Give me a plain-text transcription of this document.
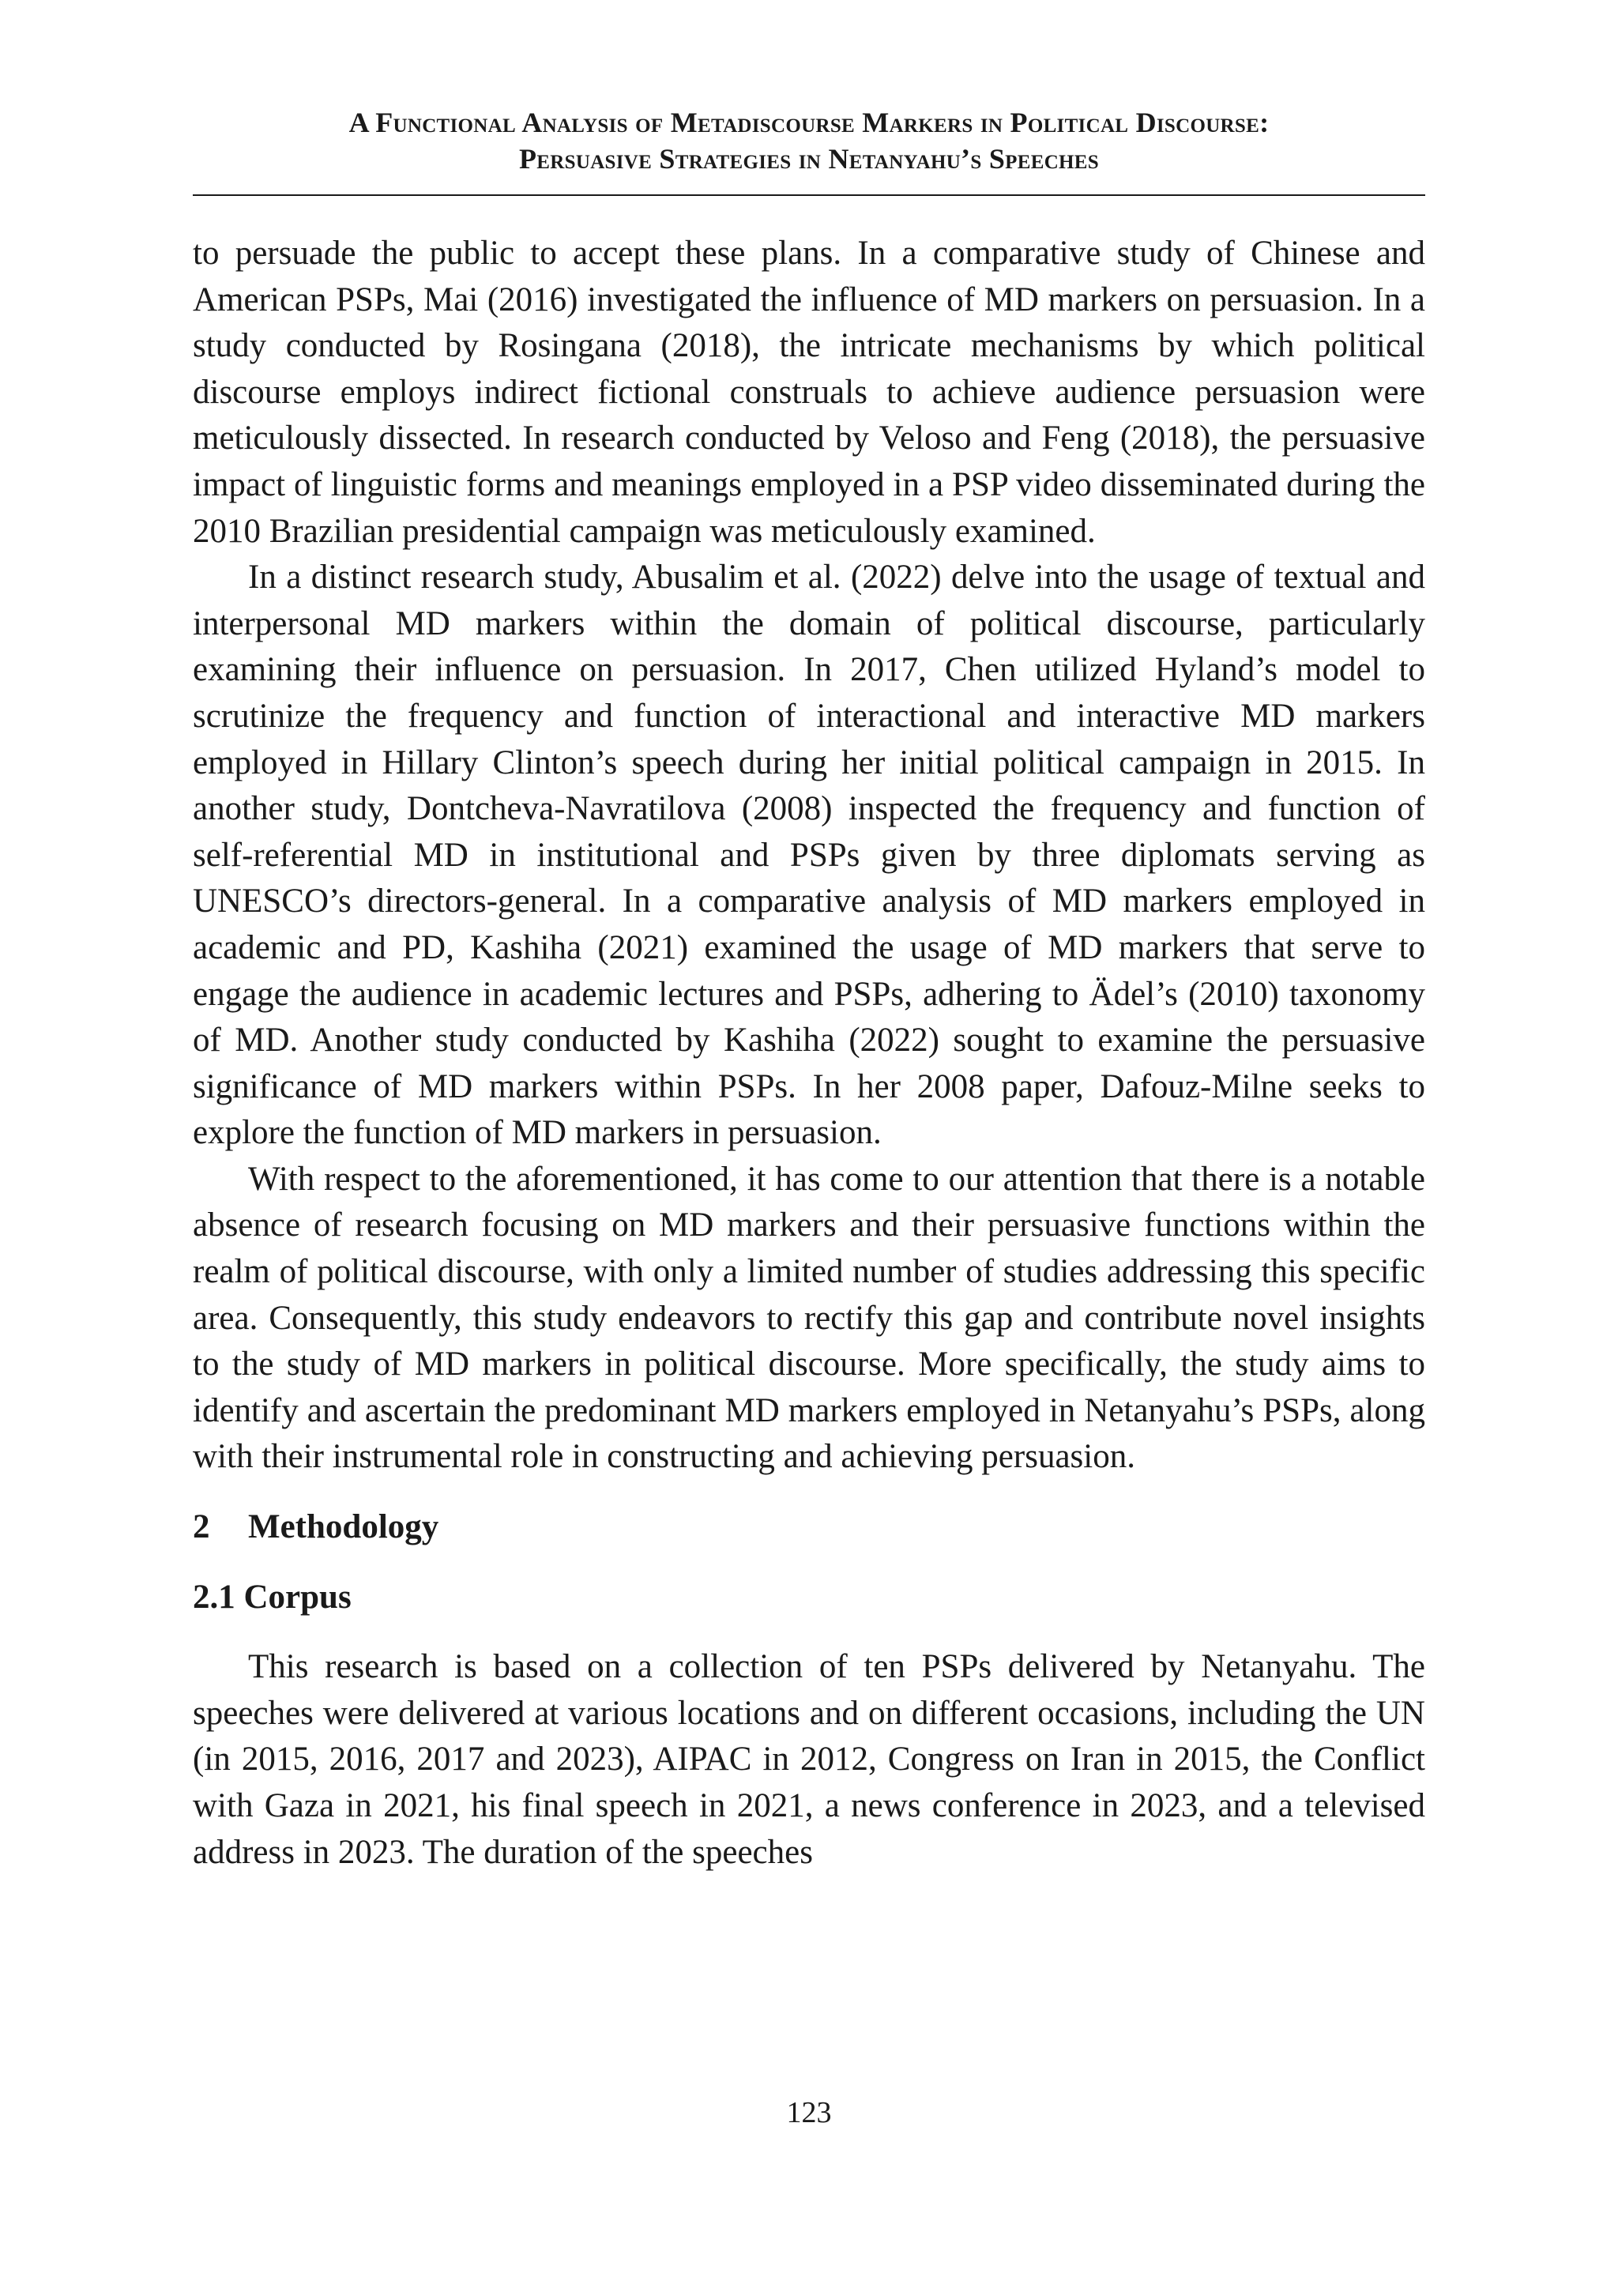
A Functional Analysis of Metadiscourse Markers in Political Discourse:
Persuasive Strategies in Netanyahu’s Speeches

to persuade the public to accept these plans. In a comparative study of Chinese and American PSPs, Mai (2016) investigated the influence of MD markers on persuasion. In a study conducted by Rosingana (2018), the intricate mechanisms by which political discourse employs indirect fictional construals to achieve audience persuasion were meticulously dissected. In research conducted by Veloso and Feng (2018), the persuasive impact of linguistic forms and meanings employed in a PSP video disseminated during the 2010 Brazilian presidential campaign was meticulously examined.

In a distinct research study, Abusalim et al. (2022) delve into the usage of textual and interpersonal MD markers within the domain of political discourse, particularly examining their influence on persuasion. In 2017, Chen utilized Hyland’s model to scrutinize the frequency and function of interactional and interactive MD markers employed in Hillary Clinton’s speech during her initial political campaign in 2015. In another study, Dontcheva-Navratilova (2008) inspected the frequency and function of self-referential MD in institutional and PSPs given by three diplomats serving as UNESCO’s directors-general. In a comparative analysis of MD markers employed in academic and PD, Kashiha (2021) examined the usage of MD markers that serve to engage the audience in academic lectures and PSPs, adhering to Ädel’s (2010) taxonomy of MD. Another study conducted by Kashiha (2022) sought to examine the persuasive significance of MD markers within PSPs. In her 2008 paper, Dafouz-Milne seeks to explore the function of MD markers in persuasion.

With respect to the aforementioned, it has come to our attention that there is a notable absence of research focusing on MD markers and their persuasive functions within the realm of political discourse, with only a limited number of studies addressing this specific area. Consequently, this study endeavors to rectify this gap and contribute novel insights to the study of MD markers in political discourse. More specifically, the study aims to identify and ascertain the predominant MD markers employed in Netanyahu’s PSPs, along with their instrumental role in constructing and achieving persuasion.

2 Methodology
2.1 Corpus

This research is based on a collection of ten PSPs delivered by Netanyahu. The speeches were delivered at various locations and on different occasions, including the UN (in 2015, 2016, 2017 and 2023), AIPAC in 2012, Congress on Iran in 2015, the Conflict with Gaza in 2021, his final speech in 2021, a news conference in 2023, and a televised address in 2023. The duration of the speeches

123
